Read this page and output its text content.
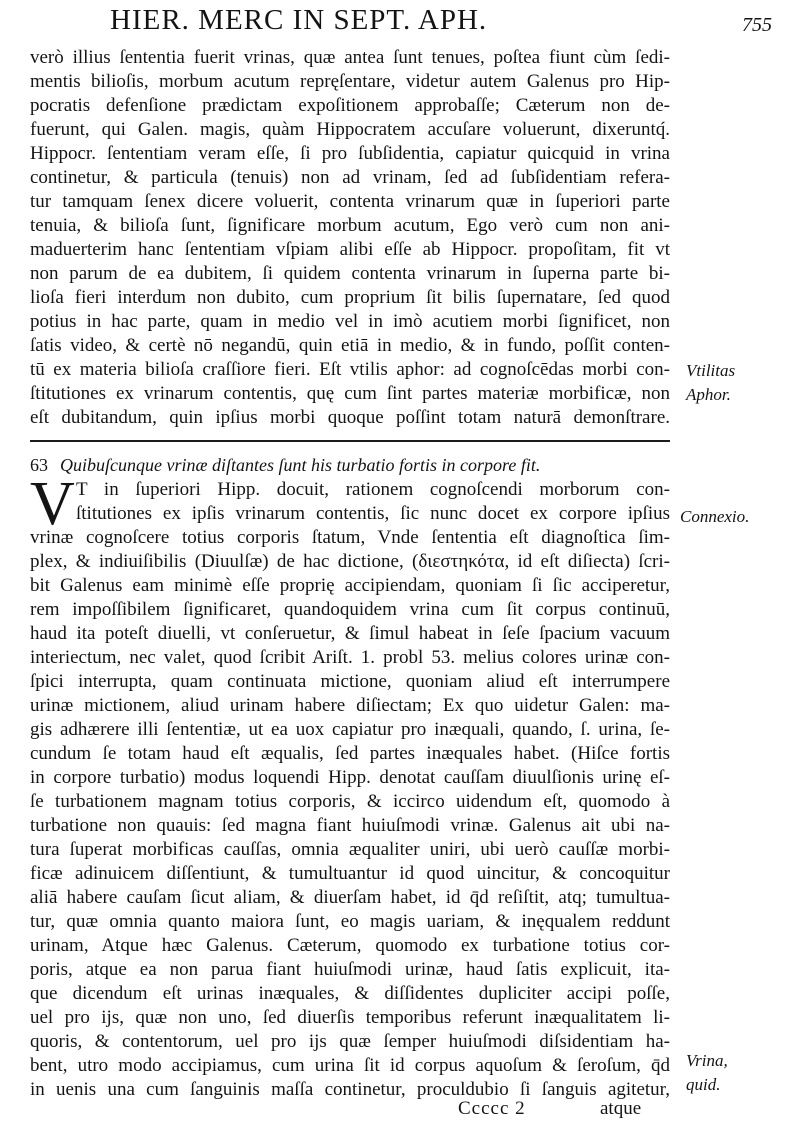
HIER. MERC IN SEPT. APH.	755
verò illius ſententia fuerit vrinas, quæ antea ſunt tenues, poſtea fiunt cùm ſedi-
mentis bilioſis, morbum acutum repręſentare, videtur autem Galenus pro Hip-
pocratis defenſione prædictam expoſitionem approbaſſe; Cæterum non de-
fuerunt, qui Galen. magis, quàm Hippocratem accuſare voluerunt, dixeruntq́.
Hippocr. ſententiam veram eſſe, ſi pro ſubſidentia, capiatur quicquid in vrina
continetur, & particula (tenuis) non ad vrinam, ſed ad ſubſidentiam refera-
tur tamquam ſenex dicere voluerit, contenta vrinarum quæ in ſuperiori parte
tenuia, & bilioſa ſunt, ſignificare morbum acutum, Ego verò cum non ani-
maduerterim hanc ſententiam vſpiam alibi eſſe ab Hippocr. propoſitam, fit vt
non parum de ea dubitem, ſi quidem contenta vrinarum in ſuperna parte bi-
lioſa fieri interdum non dubito, cum proprium ſit bilis ſupernatare, ſed quod
potius in hac parte, quam in medio vel in imò acutiem morbi ſignificet, non
ſatis video, & certè nō negandū, quin etiā in medio, & in fundo, poſſit conten-
tū ex materia bilioſa craſſiore fieri. Eſt vtilis aphor: ad cognoſcēdas morbi con-
ſtitutiones ex vrinarum contentis, quę cum ſint partes materiæ morbificæ, non
eſt dubitandum, quin ipſius morbi quoque poſſint totam naturā demonſtrare.
63 Quibuſcunque vrinæ diſtantes ſunt his turbatio fortis in corpore fit.
V T in ſuperiori Hipp. docuit, rationem cognoſcendi morborum con-
ſtitutiones ex ipſis vrinarum contentis, ſic nunc docet ex corpore ipſius
vrinæ cognoſcere totius corporis ſtatum, Vnde ſententia eſt diagnoſtica ſim-
plex, & indiuiſibilis (Diuulſæ) de hac dictione, (διεστηκότα, id eſt diſiecta) ſcri-
bit Galenus eam minimè eſſe proprię accipiendam, quoniam ſi ſic acciperetur,
rem impoſſibilem ſignificaret, quandoquidem vrina cum ſit corpus continuū,
haud ita poteſt diuelli, vt conſeruetur, & ſimul habeat in ſeſe ſpacium vacuum
interiectum, nec valet, quod ſcribit Ariſt. 1. probl 53. melius colores urinæ con-
ſpici interrupta, quam continuata mictione, quoniam aliud eſt interrumpere
urinæ mictionem, aliud urinam habere diſiectam; Ex quo uidetur Galen: ma-
gis adhærere illi ſententiæ, ut ea uox capiatur pro inæquali, quando, ſ. urina, ſe-
cundum ſe totam haud eſt æqualis, ſed partes inæquales habet. (Hiſce fortis
in corpore turbatio) modus loquendi Hipp. denotat cauſſam diuulſionis urinę eſ-
ſe turbationem magnam totius corporis, & iccirco uidendum eſt, quomodo à
turbatione non quauis: ſed magna fiant huiuſmodi vrinæ. Galenus ait ubi na-
tura ſuperat morbificas cauſſas, omnia æqualiter uniri, ubi uerò cauſſæ morbi-
ficæ adinuicem diſſentiunt, & tumultuantur id quod uincitur, & concoquitur
aliā habere cauſam ſicut aliam, & diuerſam habet, id q̄d reſiſtit, atq; tumultua-
tur, quæ omnia quanto maiora ſunt, eo magis uariam, & inęqualem reddunt
urinam, Atque hæc Galenus. Cæterum, quomodo ex turbatione totius cor-
poris, atque ea non parua fiant huiuſmodi urinæ, haud ſatis explicuit, ita-
que dicendum eſt urinas inæquales, & diſſidentes dupliciter accipi poſſe,
uel pro ijs, quæ non uno, ſed diuerſis temporibus referunt inæqualitatem li-
quoris, & contentorum, uel pro ijs quæ ſemper huiuſmodi diſsidentiam ha-
bent, utro modo accipiamus, cum urina ſit id corpus aquoſum & ſeroſum, q̄d
in uenis una cum ſanguinis maſſa continetur, proculdubio ſi ſanguis agitetur,
Vtilitas
Aphor.
Connexio.
Vrina,
quid.
Ccccc 2	atque
